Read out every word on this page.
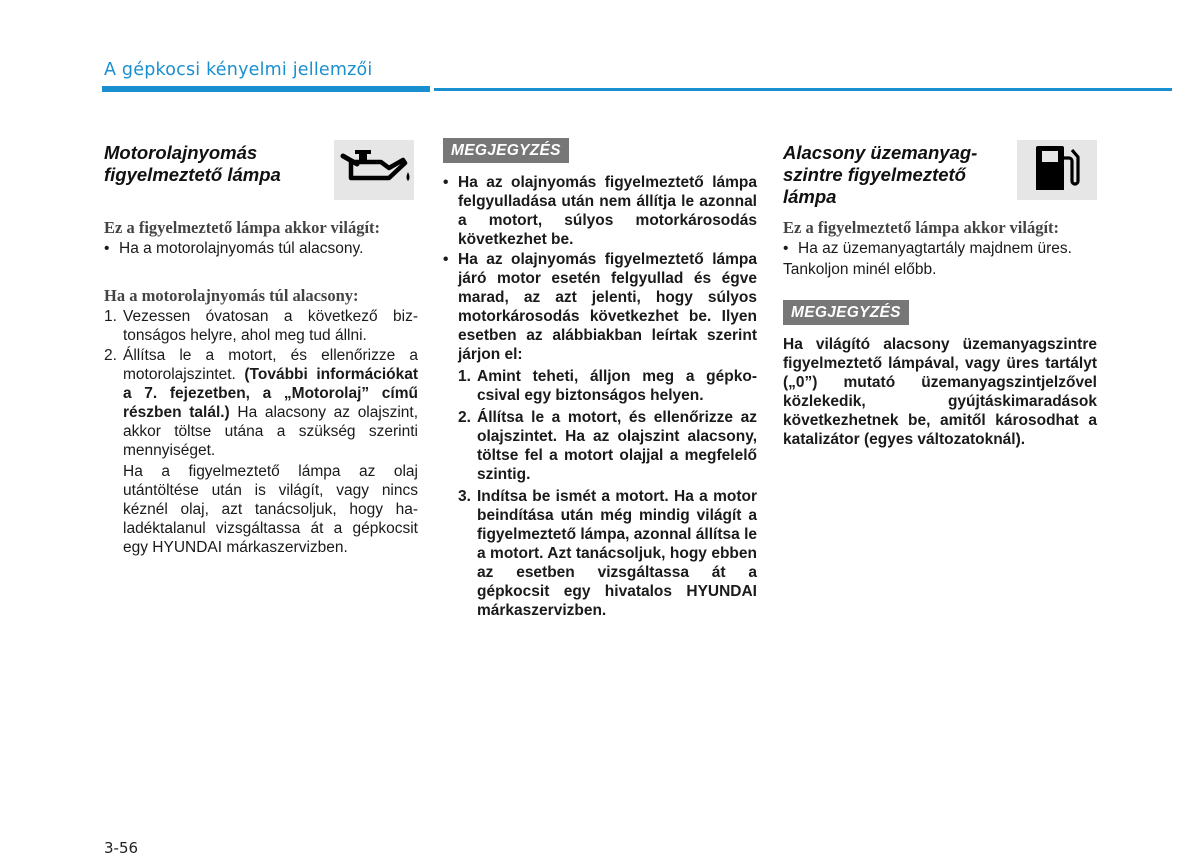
A gépkocsi kényelmi jellemzői
Motorolajnyomás
figyelmeztető lámpa

Ez a figyelmeztető lámpa akkor világít:

• Ha a motorolajnyomás túl alacsony.

Ha a motorolajnyomás túl alacsony:

1. Vezessen óvatosan a következő biztonságos helyre, ahol meg tud állni.
2. Állítsa le a motort, és ellenőrizze a motorolajszintet. (További információkat a 7. fejezetben, a „Motorolaj” című részben talál.) Ha alacsony az olajszint, akkor töltse utána a szükség szerinti mennyiséget.

Ha a figyelmeztető lámpa az olaj utántöltése után is világít, vagy nincs kéznél olaj, azt tanácsoljuk, hogy haladéktalanul vizsgáltassa át a gépkocsit egy HYUNDAI márkaszervizben.

MEGJEGYZÉS
• Ha az olajnyomás figyelmeztető lámpa felgyulladása után nem állítja le azonnal a motort, súlyos motorkárosodás következhet be.
• Ha az olajnyomás figyelmeztető lámpa járó motor esetén felgyullad és égve marad, az azt jelenti, hogy súlyos motorkárosodás következhet be. Ilyen esetben az alábbiakban leírtak szerint járjon el:
1. Amint teheti, álljon meg a gépkocsival egy biztonságos helyen.
2. Állítsa le a motort, és ellenőrizze az olajszintet. Ha az olajszint alacsony, töltse fel a motort olajjal a megfelelő szintig.
3. Indítsa be ismét a motort. Ha a motor beindítása után még mindig világít a figyelmeztető lámpa, azonnal állítsa le a motort. Azt tanácsoljuk, hogy ebben az esetben vizsgáltassa át a gépkocsit egy hivatalos HYUNDAI márkaszervizben.
Alacsony üzemanyag-
szintre figyelmeztető
lámpa

Ez a figyelmeztető lámpa akkor világít:

• Ha az üzemanyagtartály majdnem üres.

Tankoljon minél előbb.

MEGJEGYZÉS

Ha világító alacsony üzemanyagszintre figyelmeztető lámpával, vagy üres tartályt („0”) mutató üzemanyagszintjelzővel közlekedik, gyújtáskimaradások következhetnek be, amitől károsodhat a katalizátor (egyes változatoknál).

3-56
